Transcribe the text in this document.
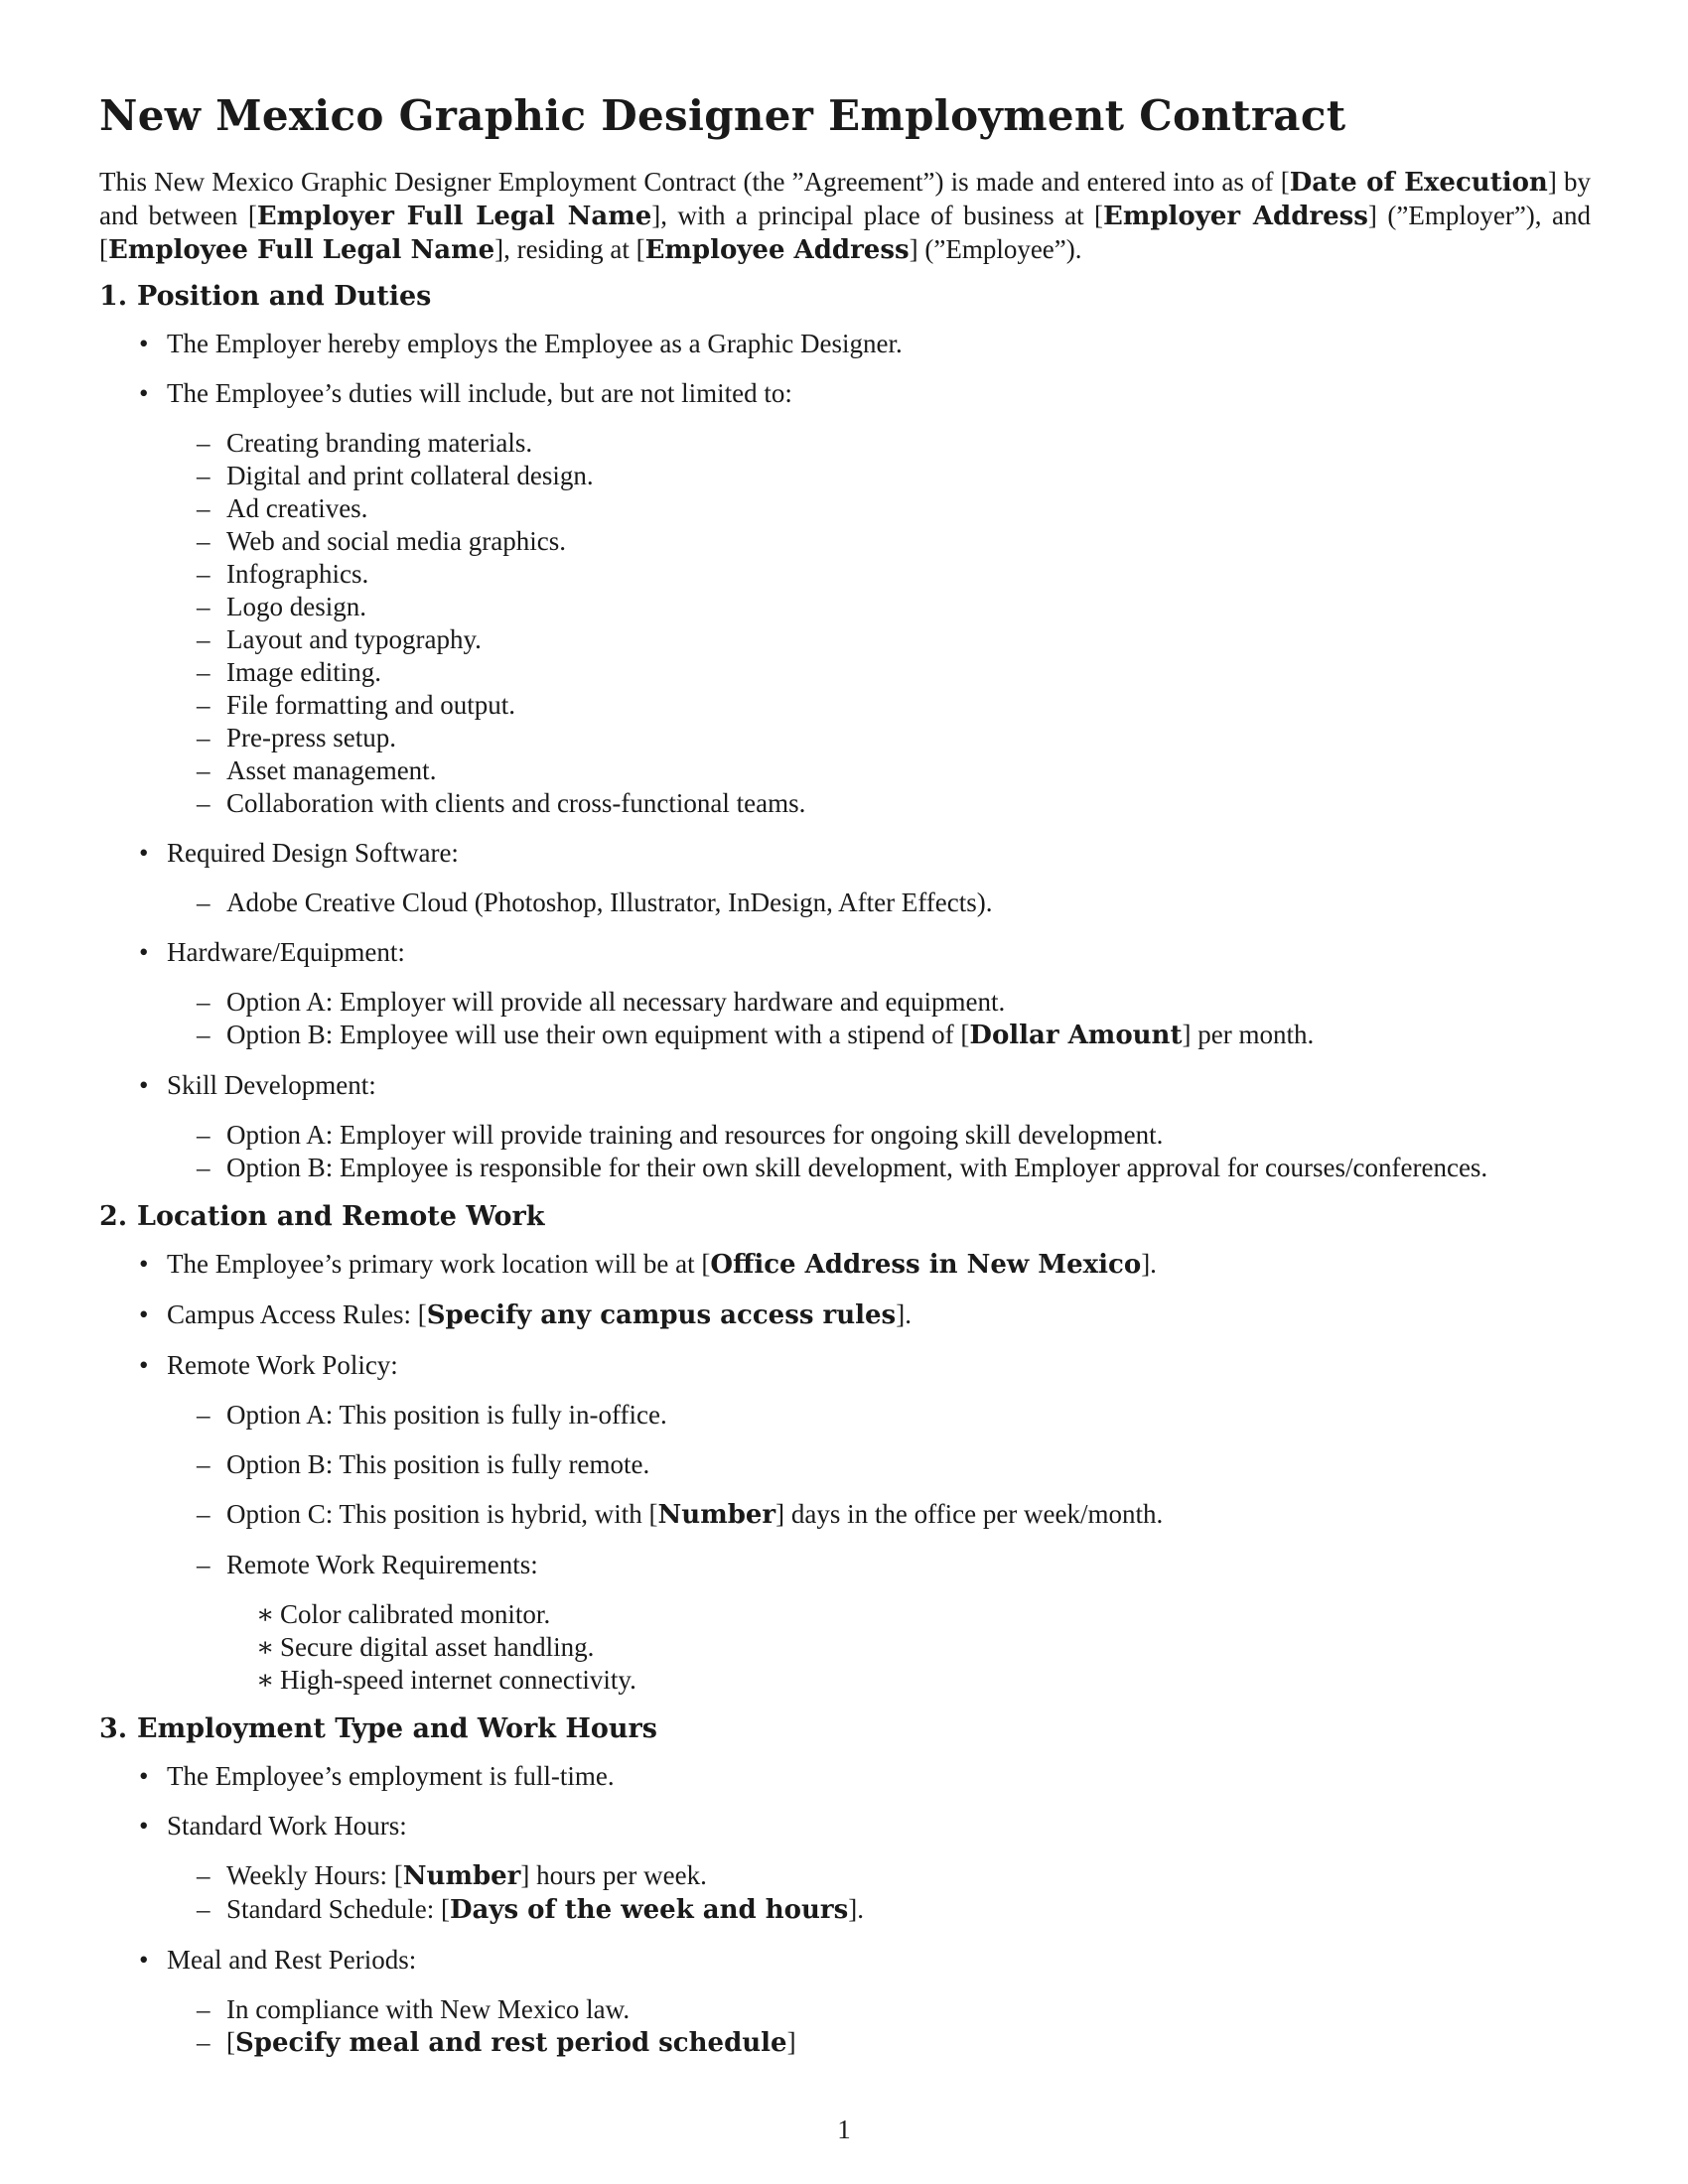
New Mexico Graphic Designer Employment Contract

This New Mexico Graphic Designer Employment Contract (the ”Agreement”) is made and entered into as of [Date of Execution] by and between [Employer Full Legal Name], with a principal place of business at [Employer Address] (”Employer”), and [Employee Full Legal Name], residing at [Employee Address] (”Employee”).

1. Position and Duties
• The Employer hereby employs the Employee as a Graphic Designer.
• The Employee’s duties will include, but are not limited to:
– Creating branding materials.
– Digital and print collateral design.
– Ad creatives.
– Web and social media graphics.
– Infographics.
– Logo design.
– Layout and typography.
– Image editing.
– File formatting and output.
– Pre-press setup.
– Asset management.
– Collaboration with clients and cross-functional teams.
• Required Design Software:
– Adobe Creative Cloud (Photoshop, Illustrator, InDesign, After Effects).
• Hardware/Equipment:
– Option A: Employer will provide all necessary hardware and equipment.
– Option B: Employee will use their own equipment with a stipend of [Dollar Amount] per month.
• Skill Development:
– Option A: Employer will provide training and resources for ongoing skill development.
– Option B: Employee is responsible for their own skill development, with Employer approval for courses/conferences.
2. Location and Remote Work
• The Employee’s primary work location will be at [Office Address in New Mexico].
• Campus Access Rules: [Specify any campus access rules].
• Remote Work Policy:
– Option A: This position is fully in-office.
– Option B: This position is fully remote.
– Option C: This position is hybrid, with [Number] days in the office per week/month.
– Remote Work Requirements:
∗ Color calibrated monitor.
∗ Secure digital asset handling.
∗ High-speed internet connectivity.
3. Employment Type and Work Hours
• The Employee’s employment is full-time.
• Standard Work Hours:
– Weekly Hours: [Number] hours per week.
– Standard Schedule: [Days of the week and hours].
• Meal and Rest Periods:
– In compliance with New Mexico law.
– [Specify meal and rest period schedule]
1
